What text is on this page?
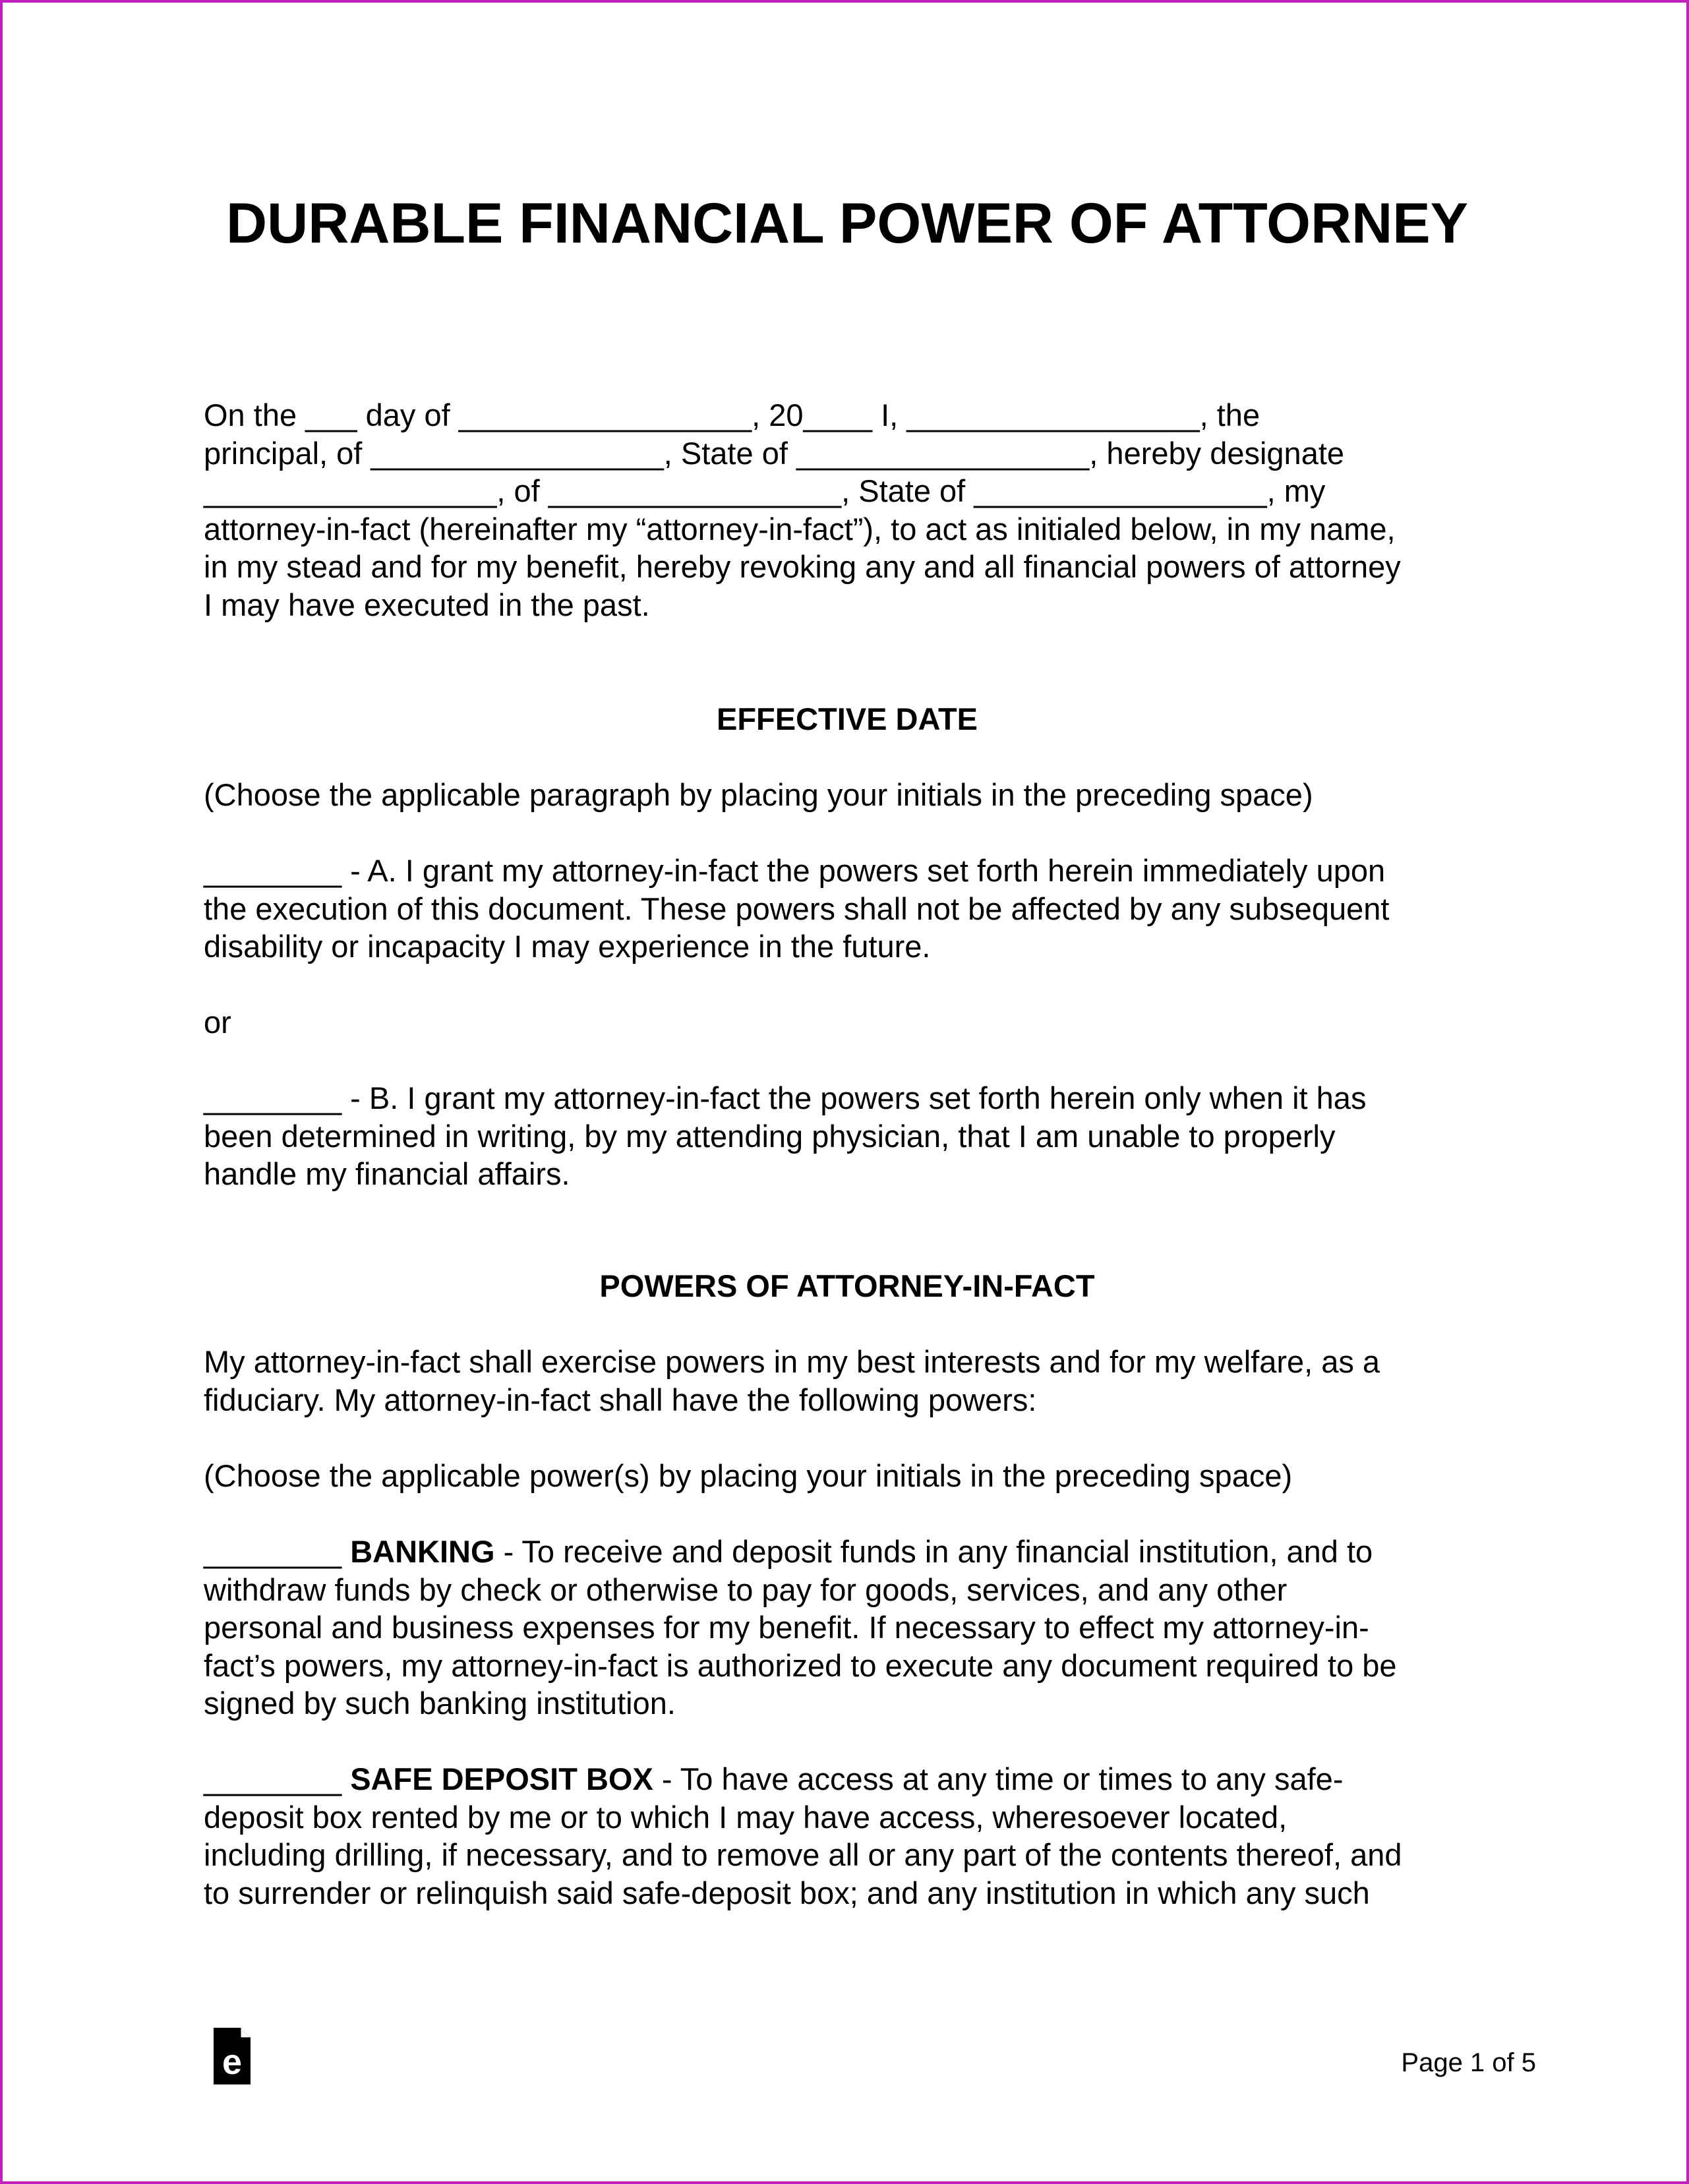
DURABLE FINANCIAL POWER OF ATTORNEY
On the ___ day of _________________, 20____ I, _________________, the
principal, of _________________, State of _________________, hereby designate
_________________, of _________________, State of _________________, my
attorney-in-fact (hereinafter my “attorney-in-fact”), to act as initialed below, in my name,
in my stead and for my benefit, hereby revoking any and all financial powers of attorney
I may have executed in the past.
EFFECTIVE DATE
(Choose the applicable paragraph by placing your initials in the preceding space)
________ - A. I grant my attorney-in-fact the powers set forth herein immediately upon
the execution of this document. These powers shall not be affected by any subsequent
disability or incapacity I may experience in the future.
or
________ - B. I grant my attorney-in-fact the powers set forth herein only when it has
been determined in writing, by my attending physician, that I am unable to properly
handle my financial affairs.
POWERS OF ATTORNEY-IN-FACT
My attorney-in-fact shall exercise powers in my best interests and for my welfare, as a
fiduciary. My attorney-in-fact shall have the following powers:
(Choose the applicable power(s) by placing your initials in the preceding space)
________ BANKING - To receive and deposit funds in any financial institution, and to
withdraw funds by check or otherwise to pay for goods, services, and any other
personal and business expenses for my benefit. If necessary to effect my attorney-in-
fact’s powers, my attorney-in-fact is authorized to execute any document required to be
signed by such banking institution.
________ SAFE DEPOSIT BOX - To have access at any time or times to any safe-
deposit box rented by me or to which I may have access, wheresoever located,
including drilling, if necessary, and to remove all or any part of the contents thereof, and
to surrender or relinquish said safe-deposit box; and any institution in which any such
e	Page 1 of 5
